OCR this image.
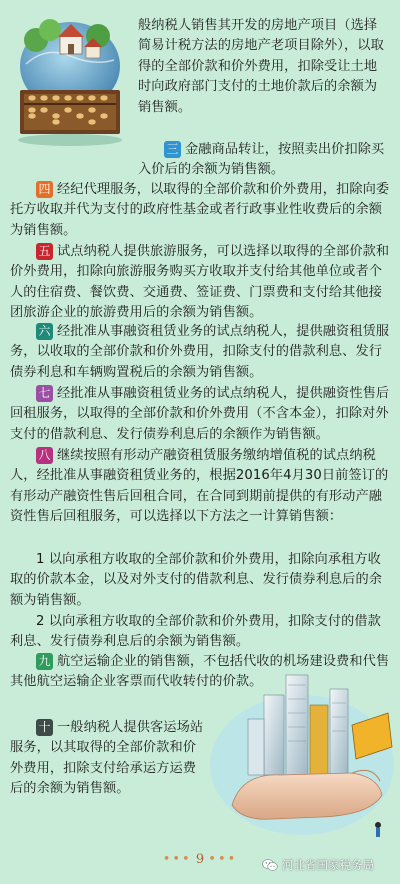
般纳税人销售其开发的房地产项目（选择简易计税方法的房地产老项目除外），以取得的全部价款和价外费用，扣除受让土地时向政府部门支付的土地价款后的余额为销售额。
三 金融商品转让，按照卖出价扣除买入价后的余额为销售额。
四 经纪代理服务，以取得的全部价款和价外费用，扣除向委托方收取并代为支付的政府性基金或者行政事业性收费后的余额为销售额。
五 试点纳税人提供旅游服务，可以选择以取得的全部价款和价外费用，扣除向旅游服务购买方收取并支付给其他单位或者个人的住宿费、餐饮费、交通费、签证费、门票费和支付给其他接团旅游企业的旅游费用后的余额为销售额。
六 经批准从事融资租赁业务的试点纳税人，提供融资租赁服务，以收取的全部价款和价外费用，扣除支付的借款利息、发行债券利息和车辆购置税后的余额为销售额。
七 经批准从事融资租赁业务的试点纳税人，提供融资性售后回租服务，以取得的全部价款和价外费用（不含本金），扣除对外支付的借款利息、发行债券利息后的余额作为销售额。
八 继续按照有形动产融资租赁服务缴纳增值税的试点纳税人，经批准从事融资租赁业务的，根据2016年4月30日前签订的有形动产融资性售后回租合同，在合同到期前提供的有形动产融资性售后回租服务，可以选择以下方法之一计算销售额：
1 以向承租方收取的全部价款和价外费用，扣除向承租方收取的价款本金，以及对外支付的借款利息、发行债券利息后的余额为销售额。
2 以向承租方收取的全部价款和价外费用，扣除支付的借款利息、发行债券利息后的余额为销售额。
九 航空运输企业的销售额，不包括代收的机场建设费和代售其他航空运输企业客票而代收转付的价款。
十 一般纳税人提供客运场站服务，以其取得的全部价款和价外费用，扣除支付给承运方运费后的余额为销售额。
••• 9 •••	河北省国家税务局
